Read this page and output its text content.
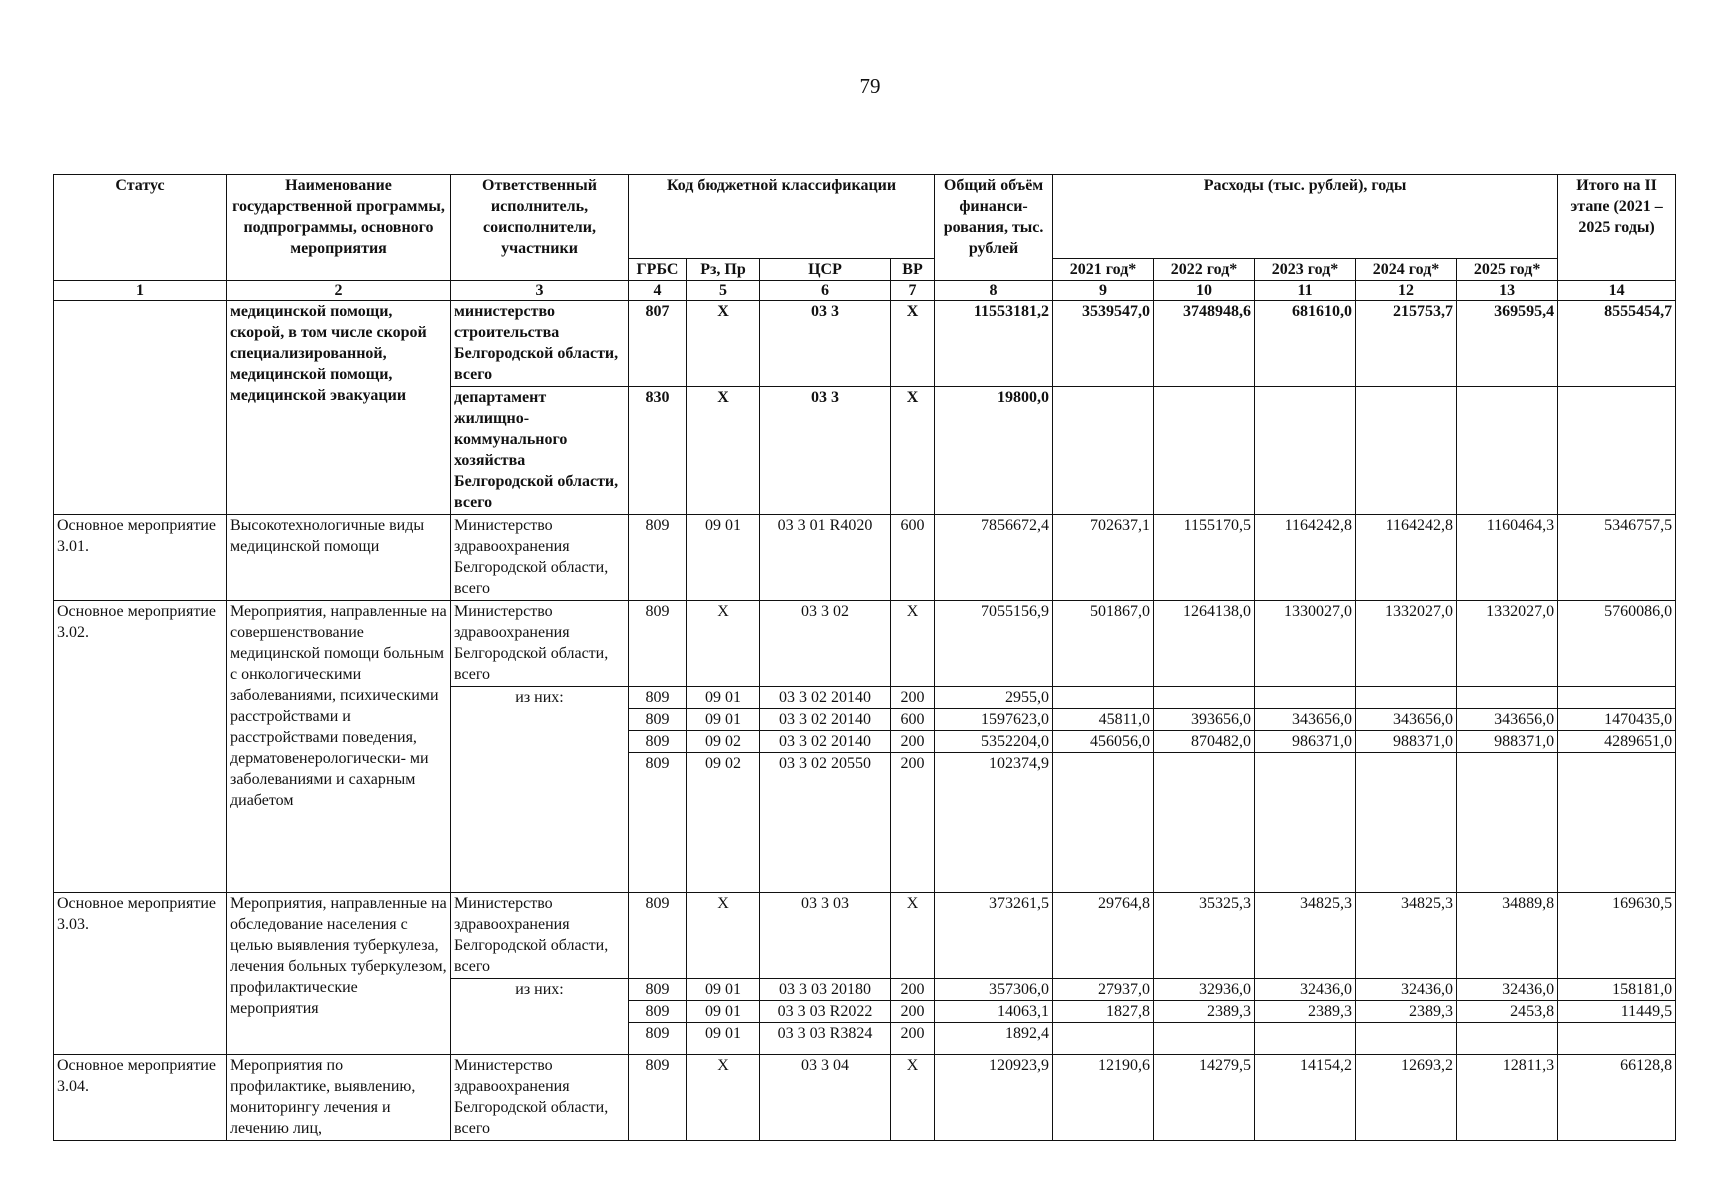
79
Статус	Наименование государственной программы, подпрограммы, основного мероприятия	Ответственный исполнитель, соисполнители, участники	Код бюджетной классификации				Общий объём финанси- рования, тыс. рублей	Расходы (тыс. рублей), годы					Итого на II этапе (2021 – 2025 годы)
			ГРБС	Рз, Пр	ЦСР	ВР		2021 год*	2022 год*	2023 год*	2024 год*	2025 год*	
1	2	3	4	5	6	7	8	9	10	11	12	13	14
	медицинской помощи, скорой, в том числе скорой специализированной, медицинской помощи, медицинской эвакуации	министерство строительства Белгородской области, всего	807	Х	03 3	Х	11553181,2	3539547,0	3748948,6	681610,0	215753,7	369595,4	8555454,7
		департамент жилищно-коммунального хозяйства Белгородской области, всего	830	Х	03 3	Х	19800,0						
Основное мероприятие 3.01.	Высокотехнологичные виды медицинской помощи	Министерство здравоохранения Белгородской области, всего	809	09 01	03 3 01 R4020	600	7856672,4	702637,1	1155170,5	1164242,8	1164242,8	1160464,3	5346757,5
Основное мероприятие 3.02.	Мероприятия, направленные на совершенствование медицинской помощи больным с онкологическими заболеваниями, психическими расстройствами и расстройствами поведения, дерматовенерологически- ми заболеваниями и сахарным диабетом	Министерство здравоохранения Белгородской области, всего	809	Х	03 3 02	Х	7055156,9	501867,0	1264138,0	1330027,0	1332027,0	1332027,0	5760086,0
		из них:	809	09 01	03 3 02 20140	200	2955,0						
			809	09 01	03 3 02 20140	600	1597623,0	45811,0	393656,0	343656,0	343656,0	343656,0	1470435,0
			809	09 02	03 3 02 20140	200	5352204,0	456056,0	870482,0	986371,0	988371,0	988371,0	4289651,0
			809	09 02	03 3 02 20550	200	102374,9						
Основное мероприятие 3.03.	Мероприятия, направленные на обследование населения с целью выявления туберкулеза, лечения больных туберкулезом, профилактические мероприятия	Министерство здравоохранения Белгородской области, всего	809	Х	03 3 03	Х	373261,5	29764,8	35325,3	34825,3	34825,3	34889,8	169630,5
		из них:	809	09 01	03 3 03 20180	200	357306,0	27937,0	32936,0	32436,0	32436,0	32436,0	158181,0
			809	09 01	03 3 03 R2022	200	14063,1	1827,8	2389,3	2389,3	2389,3	2453,8	11449,5
			809	09 01	03 3 03 R3824	200	1892,4						
Основное мероприятие 3.04.	Мероприятия по профилактике, выявлению, мониторингу лечения и лечению лиц,	Министерство здравоохранения Белгородской области, всего	809	Х	03 3 04	Х	120923,9	12190,6	14279,5	14154,2	12693,2	12811,3	66128,8
